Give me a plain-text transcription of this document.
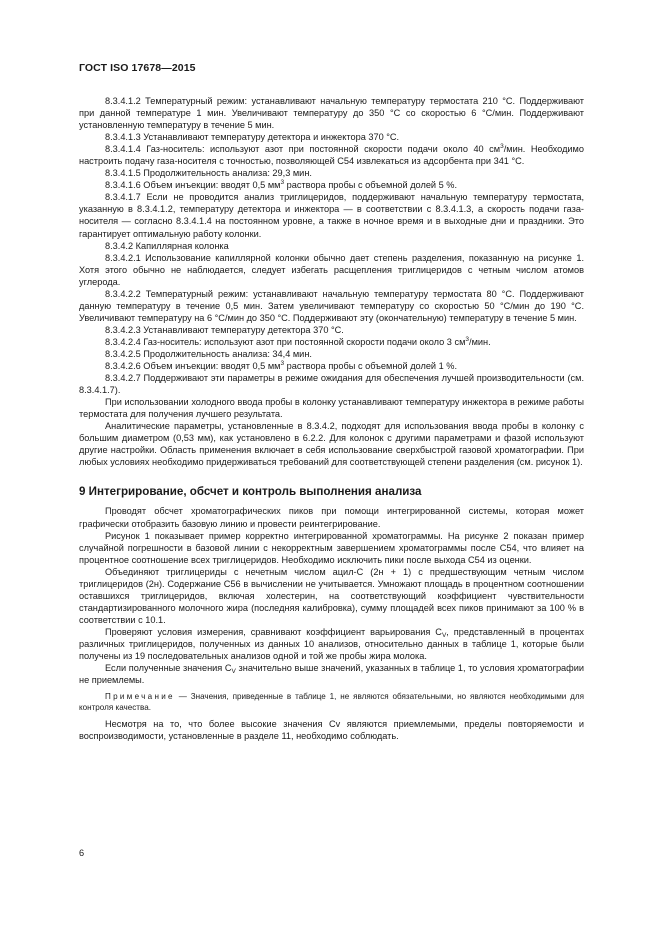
ГОСТ ISO 17678—2015

8.3.4.1.2 Температурный режим: устанавливают начальную температуру термостата 210 °С. Поддерживают при данной температуре 1 мин. Увеличивают температуру до 350 °С со скоростью 6 °С/мин. Поддерживают установленную температуру в течение 5 мин.

8.3.4.1.3 Устанавливают температуру детектора и инжектора 370 °С.

8.3.4.1.4 Газ-носитель: используют азот при постоянной скорости подачи около 40 $см^3$/мин. Необходимо настроить подачу газа-носителя с точностью, позволяющей С54 извлекаться из адсорбента при 341 °С.

8.3.4.1.5 Продолжительность анализа: 29,3 мин.

8.3.4.1.6 Объем инъекции: вводят 0,5 $мм^3$ раствора пробы с объемной долей 5 %.

8.3.4.1.7 Если не проводится анализ триглицеридов, поддерживают начальную температуру термостата, указанную в 8.3.4.1.2, температуру детектора и инжектора — в соответствии с 8.3.4.1.3, а скорость подачи газа-носителя — согласно 8.3.4.1.4 на постоянном уровне, а также в ночное время и в выходные дни и праздники. Это гарантирует оптимальную работу колонки.

8.3.4.2 Капиллярная колонка

8.3.4.2.1 Использование капиллярной колонки обычно дает степень разделения, показанную на рисунке 1. Хотя этого обычно не наблюдается, следует избегать расщепления триглицеридов с четным числом атомов углерода.

8.3.4.2.2 Температурный режим: устанавливают начальную температуру термостата 80 °С. Поддерживают данную температуру в течение 0,5 мин. Затем увеличивают температуру со скоростью 50 °С/мин до 190 °С. Увеличивают температуру на 6 °С/мин до 350 °С. Поддерживают эту (окончательную) температуру в течение 5 мин.

8.3.4.2.3 Устанавливают температуру детектора 370 °С.

8.3.4.2.4 Газ-носитель: используют азот при постоянной скорости подачи около 3 $см^3$/мин.

8.3.4.2.5 Продолжительность анализа: 34,4 мин.

8.3.4.2.6 Объем инъекции: вводят 0,5 $мм^3$ раствора пробы с объемной долей 1 %.

8.3.4.2.7 Поддерживают эти параметры в режиме ожидания для обеспечения лучшей производительности (см. 8.3.4.1.7).

При использовании холодного ввода пробы в колонку устанавливают температуру инжектора в режиме работы термостата для получения лучшего результата.

Аналитические параметры, установленные в 8.3.4.2, подходят для использования ввода пробы в колонку с большим диаметром (0,53 мм), как установлено в 6.2.2. Для колонок с другими параметрами и фазой используют другие настройки. Область применения включает в себя использование сверхбыстрой газовой хроматографии. При любых условиях необходимо придерживаться требований для соответствующей степени разделения (см. рисунок 1).

9 Интегрирование, обсчет и контроль выполнения анализа

Проводят обсчет хроматографических пиков при помощи интегрированной системы, которая может графически отобразить базовую линию и провести реинтегрирование.

Рисунок 1 показывает пример корректно интегрированной хроматограммы. На рисунке 2 показан пример случайной погрешности в базовой линии с некорректным завершением хроматограммы после С54, что влияет на процентное соотношение всех триглицеридов. Необходимо исключить пики после выхода С54 из оценки.

Объединяют триглицериды с нечетным числом ацил-С (2н + 1) с предшествующим четным числом триглицеридов (2н). Содержание С56 в вычислении не учитывается. Умножают площадь в процентном соотношении оставшихся триглицеридов, включая холестерин, на соответствующий коэффициент чувствительности стандартизированного молочного жира (последняя калибровка), сумму площадей всех пиков принимают за 100 % в соответствии с 10.1.

Проверяют условия измерения, сравнивают коэффициент варьирования $С_V$, представленный в процентах различных триглицеридов, полученных из данных 10 анализов, относительно данных в таблице 1, которые были получены из 19 последовательных анализов одной и той же пробы жира молока.

Если полученные значения $С_V$ значительно выше значений, указанных в таблице 1, то условия хроматографии не приемлемы.

Примечание — Значения, приведенные в таблице 1, не являются обязательными, но являются необходимыми для контроля качества.

Несмотря на то, что более высокие значения Cv являются приемлемыми, пределы повторяемости и воспроизводимости, установленные в разделе 11, необходимо соблюдать.

6
